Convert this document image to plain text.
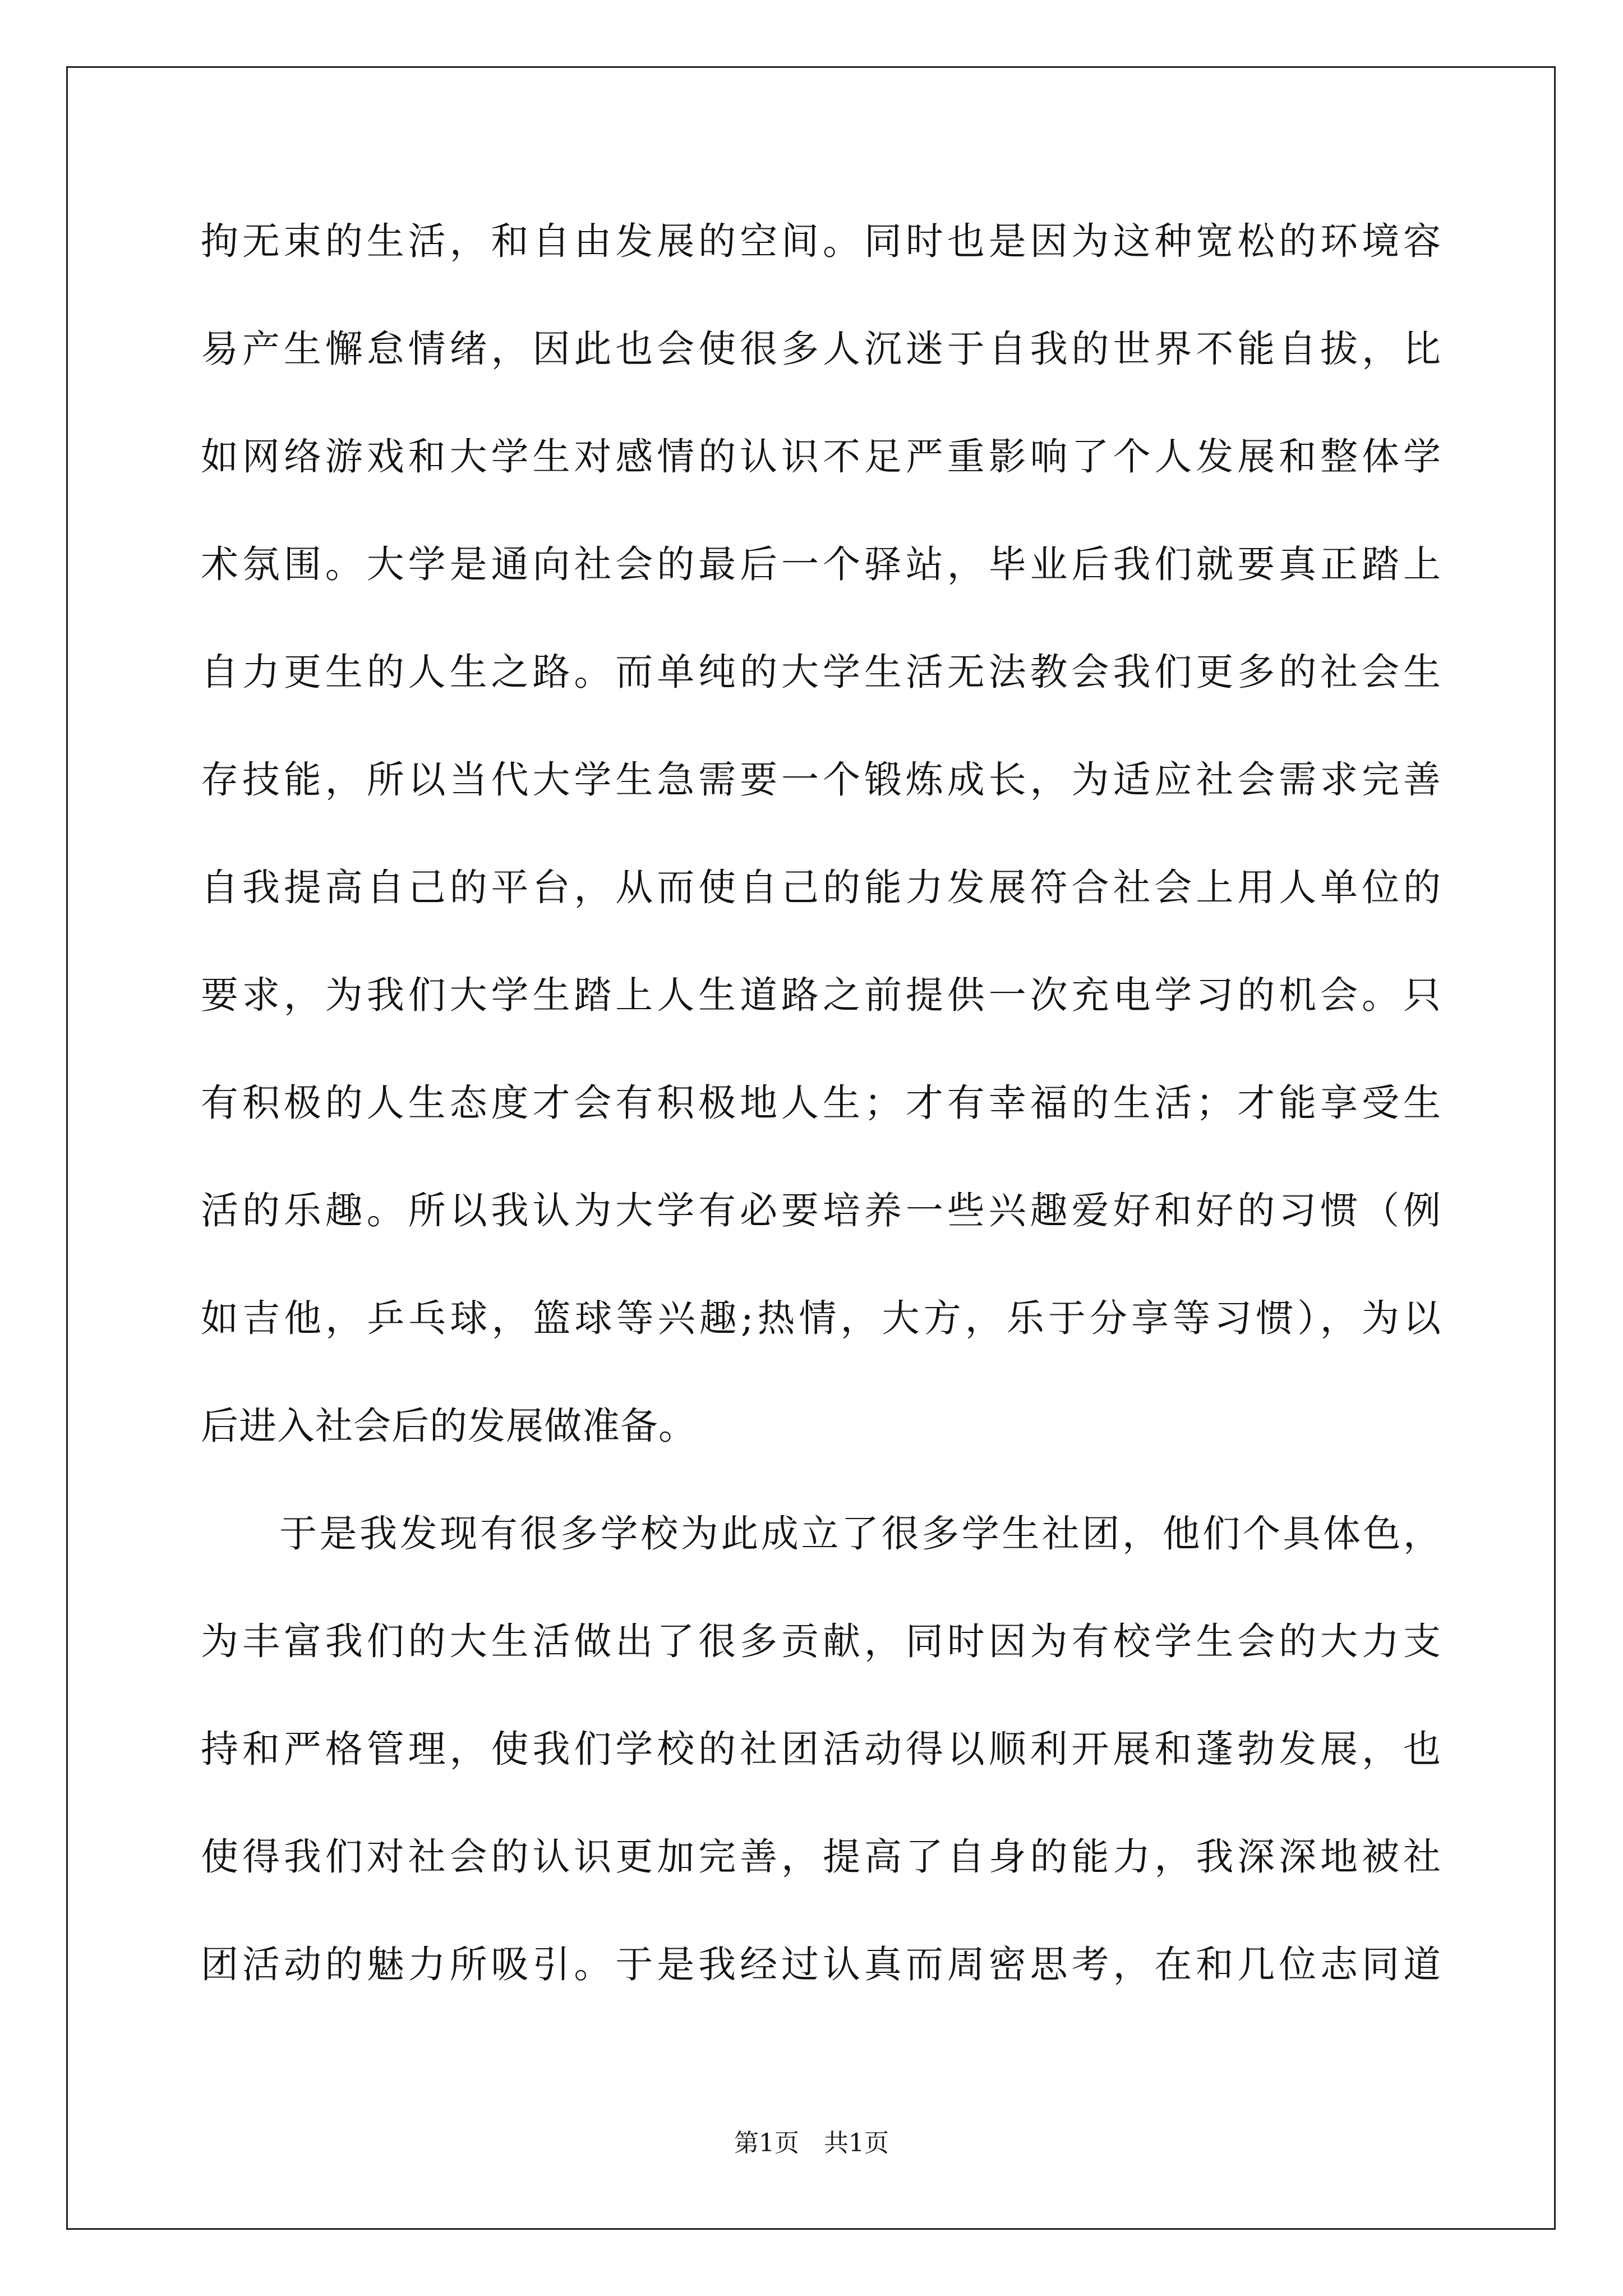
拘无束的生活，和自由发展的空间。同时也是因为这种宽松的环境容
易产生懈怠情绪，因此也会使很多人沉迷于自我的世界不能自拔，比
如网络游戏和大学生对感情的认识不足严重影响了个人发展和整体学
术氛围。大学是通向社会的最后一个驿站，毕业后我们就要真正踏上
自力更生的人生之路。而单纯的大学生活无法教会我们更多的社会生
存技能，所以当代大学生急需要一个锻炼成长，为适应社会需求完善
自我提高自己的平台，从而使自己的能力发展符合社会上用人单位的
要求，为我们大学生踏上人生道路之前提供一次充电学习的机会。只
有积极的人生态度才会有积极地人生；才有幸福的生活；才能享受生
活的乐趣。所以我认为大学有必要培养一些兴趣爱好和好的习惯（例
如吉他，乒乓球，篮球等兴趣;热情，大方，乐于分享等习惯），为以
后进入社会后的发展做准备。
于是我发现有很多学校为此成立了很多学生社团，他们个具体色，
为丰富我们的大生活做出了很多贡献，同时因为有校学生会的大力支
持和严格管理，使我们学校的社团活动得以顺利开展和蓬勃发展，也
使得我们对社会的认识更加完善，提高了自身的能力，我深深地被社
团活动的魅力所吸引。于是我经过认真而周密思考，在和几位志同道
第1页　共1页
